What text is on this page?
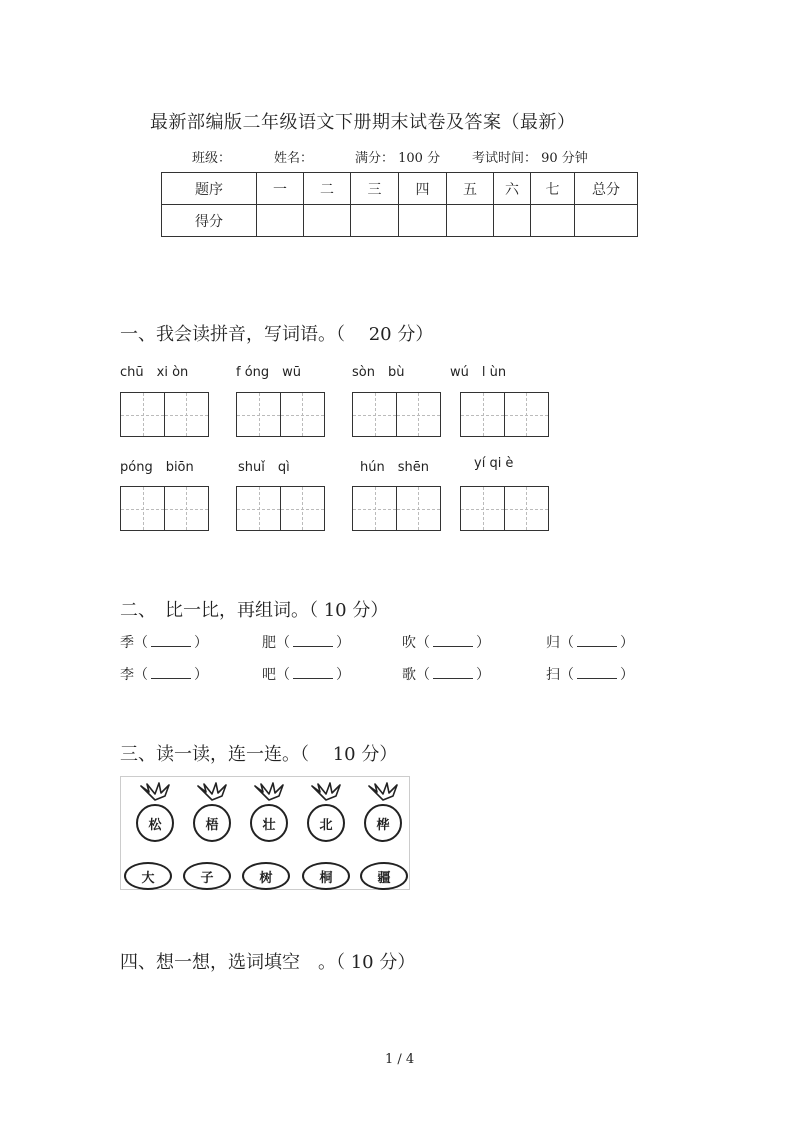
最新部编版二年级语文下册期末试卷及答案（最新）
班级：	姓名：	满分： 100 分 考试时间： 90 分钟
题序	一	二	三	四	五	六	七	总分
得分								
一、我会读拼音，写词语。（　 20 分）
chū　xi òn	f óng　wū	sòn　bù	wú　l ùn
póng　biōn	shuǐ　qì	hún　shēn	yí qi è
二、　比一比，再组词。（ 10 分）
季（	）	肥（	）	吹（	）	归（	）
李（	）	吧（	）	歌（	）	扫（	）
三、读一读，连一连。（　 10 分）
松	梧	壮	北	桦
大	子	树	桐	疆
四、想一想，选词填空　。（ 10 分）
1 / 4
